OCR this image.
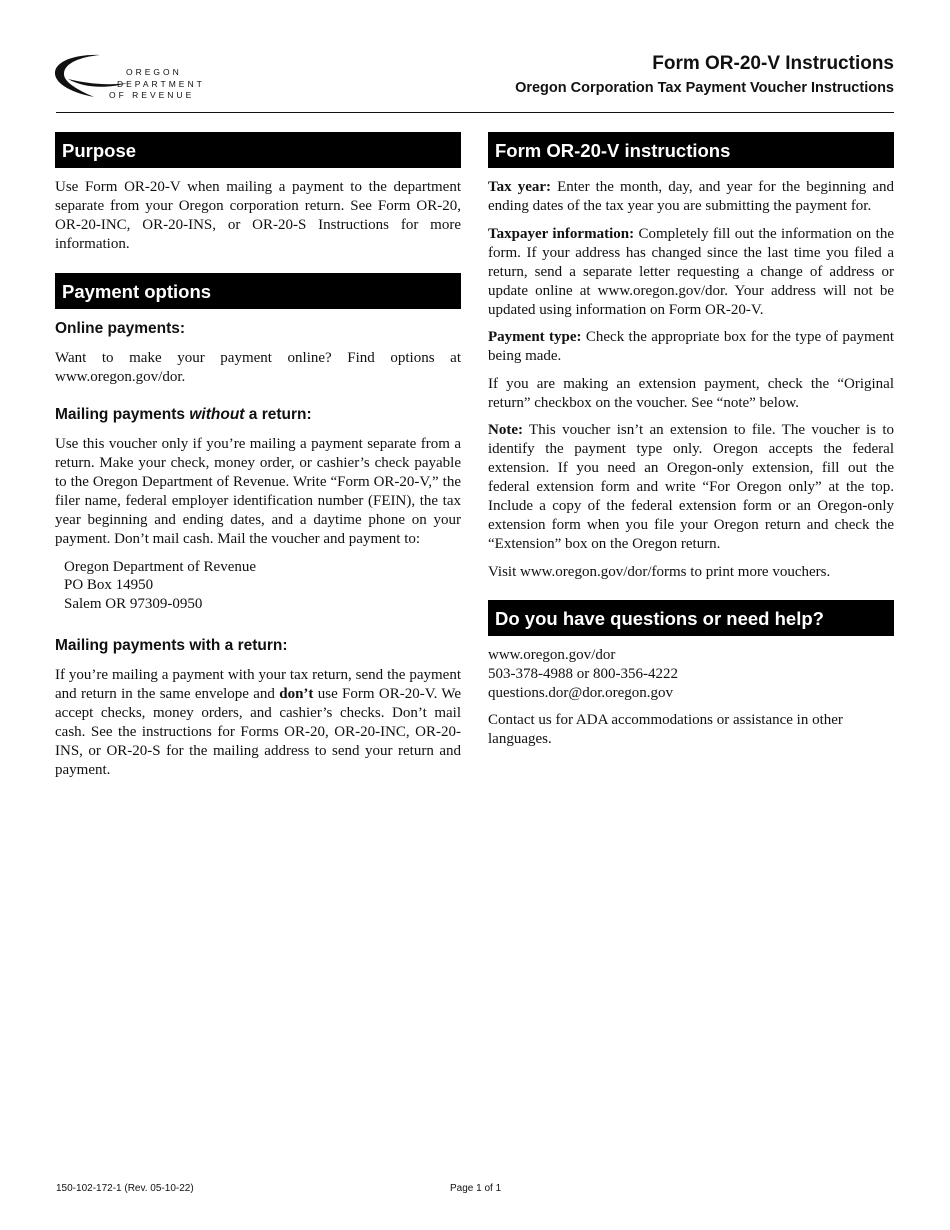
OREGON
DEPARTMENT
OF REVENUE
Form OR-20-V Instructions
Oregon Corporation Tax Payment Voucher Instructions
Purpose

Use Form OR-20-V when mailing a payment to the department separate from your Oregon corporation return. See Form OR-20, OR-20-INC, OR-20-INS, or OR-20-S Instructions for more information.

Payment options
Online payments:

Want to make your payment online? Find options at www.oregon.gov/dor.

Mailing payments without a return:

Use this voucher only if you’re mailing a payment separate from a return. Make your check, money order, or cashier’s check payable to the Oregon Department of Revenue. Write “Form OR-20-V,” the filer name, federal employer identification number (FEIN), the tax year beginning and ending dates, and a daytime phone on your payment. Don’t mail cash. Mail the voucher and payment to:

Oregon Department of Revenue
PO Box 14950
Salem OR 97309-0950
Mailing payments with a return:

If you’re mailing a payment with your tax return, send the payment and return in the same envelope and don’t use Form OR-20-V. We accept checks, money orders, and cashier’s checks. Don’t mail cash. See the instructions for Forms OR-20, OR-20-INC, OR-20-INS, or OR-20-S for the mailing address to send your return and payment.

Form OR-20-V instructions

Tax year: Enter the month, day, and year for the beginning and ending dates of the tax year you are submitting the payment for.

Taxpayer information: Completely fill out the information on the form. If your address has changed since the last time you filed a return, send a separate letter requesting a change of address or update online at www.oregon.gov/dor. Your address will not be updated using information on Form OR-20-V.

Payment type: Check the appropriate box for the type of payment being made.

If you are making an extension payment, check the “Original return” checkbox on the voucher. See “note” below.

Note: This voucher isn’t an extension to file. The voucher is to identify the payment type only. Oregon accepts the federal extension. If you need an Oregon-only extension, fill out the federal extension form and write “For Oregon only” at the top. Include a copy of the federal extension form or an Oregon-only extension form when you file your Oregon return and check the “Extension” box on the Oregon return.

Visit www.oregon.gov/dor/forms to print more vouchers.

Do you have questions or need help?

www.oregon.gov/dor
503-378-4988 or 800-356-4222
questions.dor@dor.oregon.gov

Contact us for ADA accommodations or assistance in other languages.

150-102-172-1 (Rev. 05-10-22)	Page 1 of 1
